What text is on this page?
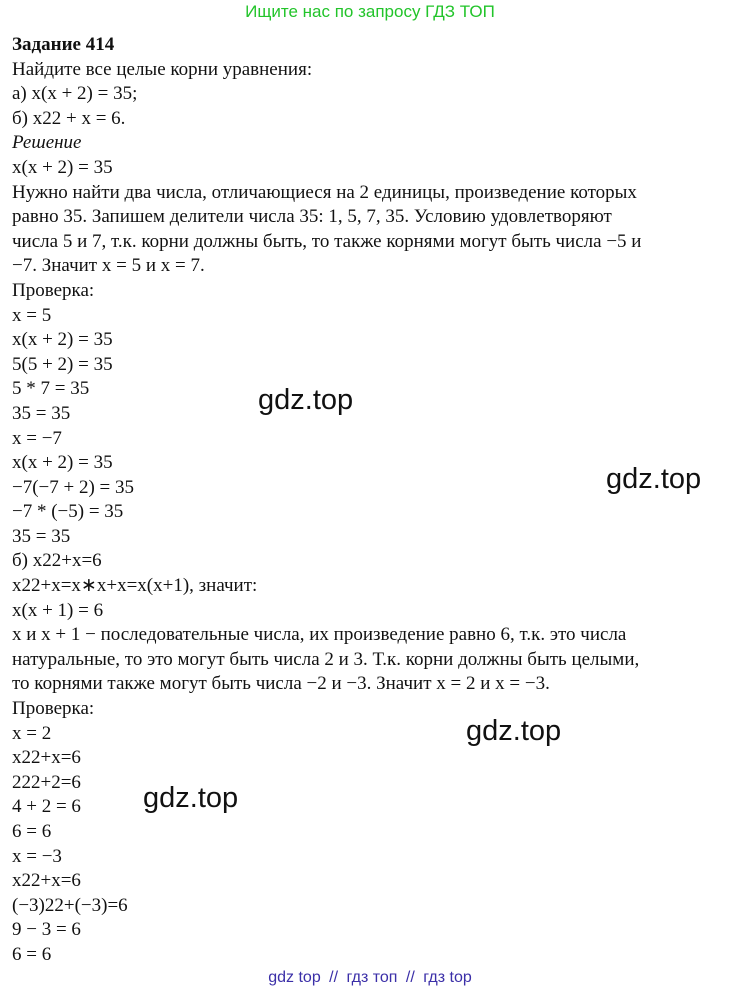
Ищите нас по запросу ГДЗ ТОП
Задание 414
Найдите все целые корни уравнения:
а) x(x + 2) = 35;
б) x22 + x = 6.
Решение
x(x + 2) = 35
Нужно найти два числа, отличающиеся на 2 единицы, произведение которых
равно 35. Запишем делители числа 35: 1, 5, 7, 35. Условию удовлетворяют
числа 5 и 7, т.к. корни должны быть, то также корнями могут быть числа −5 и
−7. Значит x = 5 и x = 7.
Проверка:
x = 5
x(x + 2) = 35
5(5 + 2) = 35
5 * 7 = 35
35 = 35
x = −7
x(x + 2) = 35
−7(−7 + 2) = 35
−7 * (−5) = 35
35 = 35
б) x22+x=6
x22+x=x∗x+x=x(x+1), значит:
x(x + 1) = 6
x и x + 1 − последовательные числа, их произведение равно 6, т.к. это числа
натуральные, то это могут быть числа 2 и 3. Т.к. корни должны быть целыми,
то корнями также могут быть числа −2 и −3. Значит x = 2 и x = −3.
Проверка:
x = 2
x22+x=6
222+2=6
4 + 2 = 6
6 = 6
x = −3
x22+x=6
(−3)22+(−3)=6
9 − 3 = 6
6 = 6
gdz.top
gdz.top
gdz.top
gdz.top
gdz top // гдз топ // гдз top
